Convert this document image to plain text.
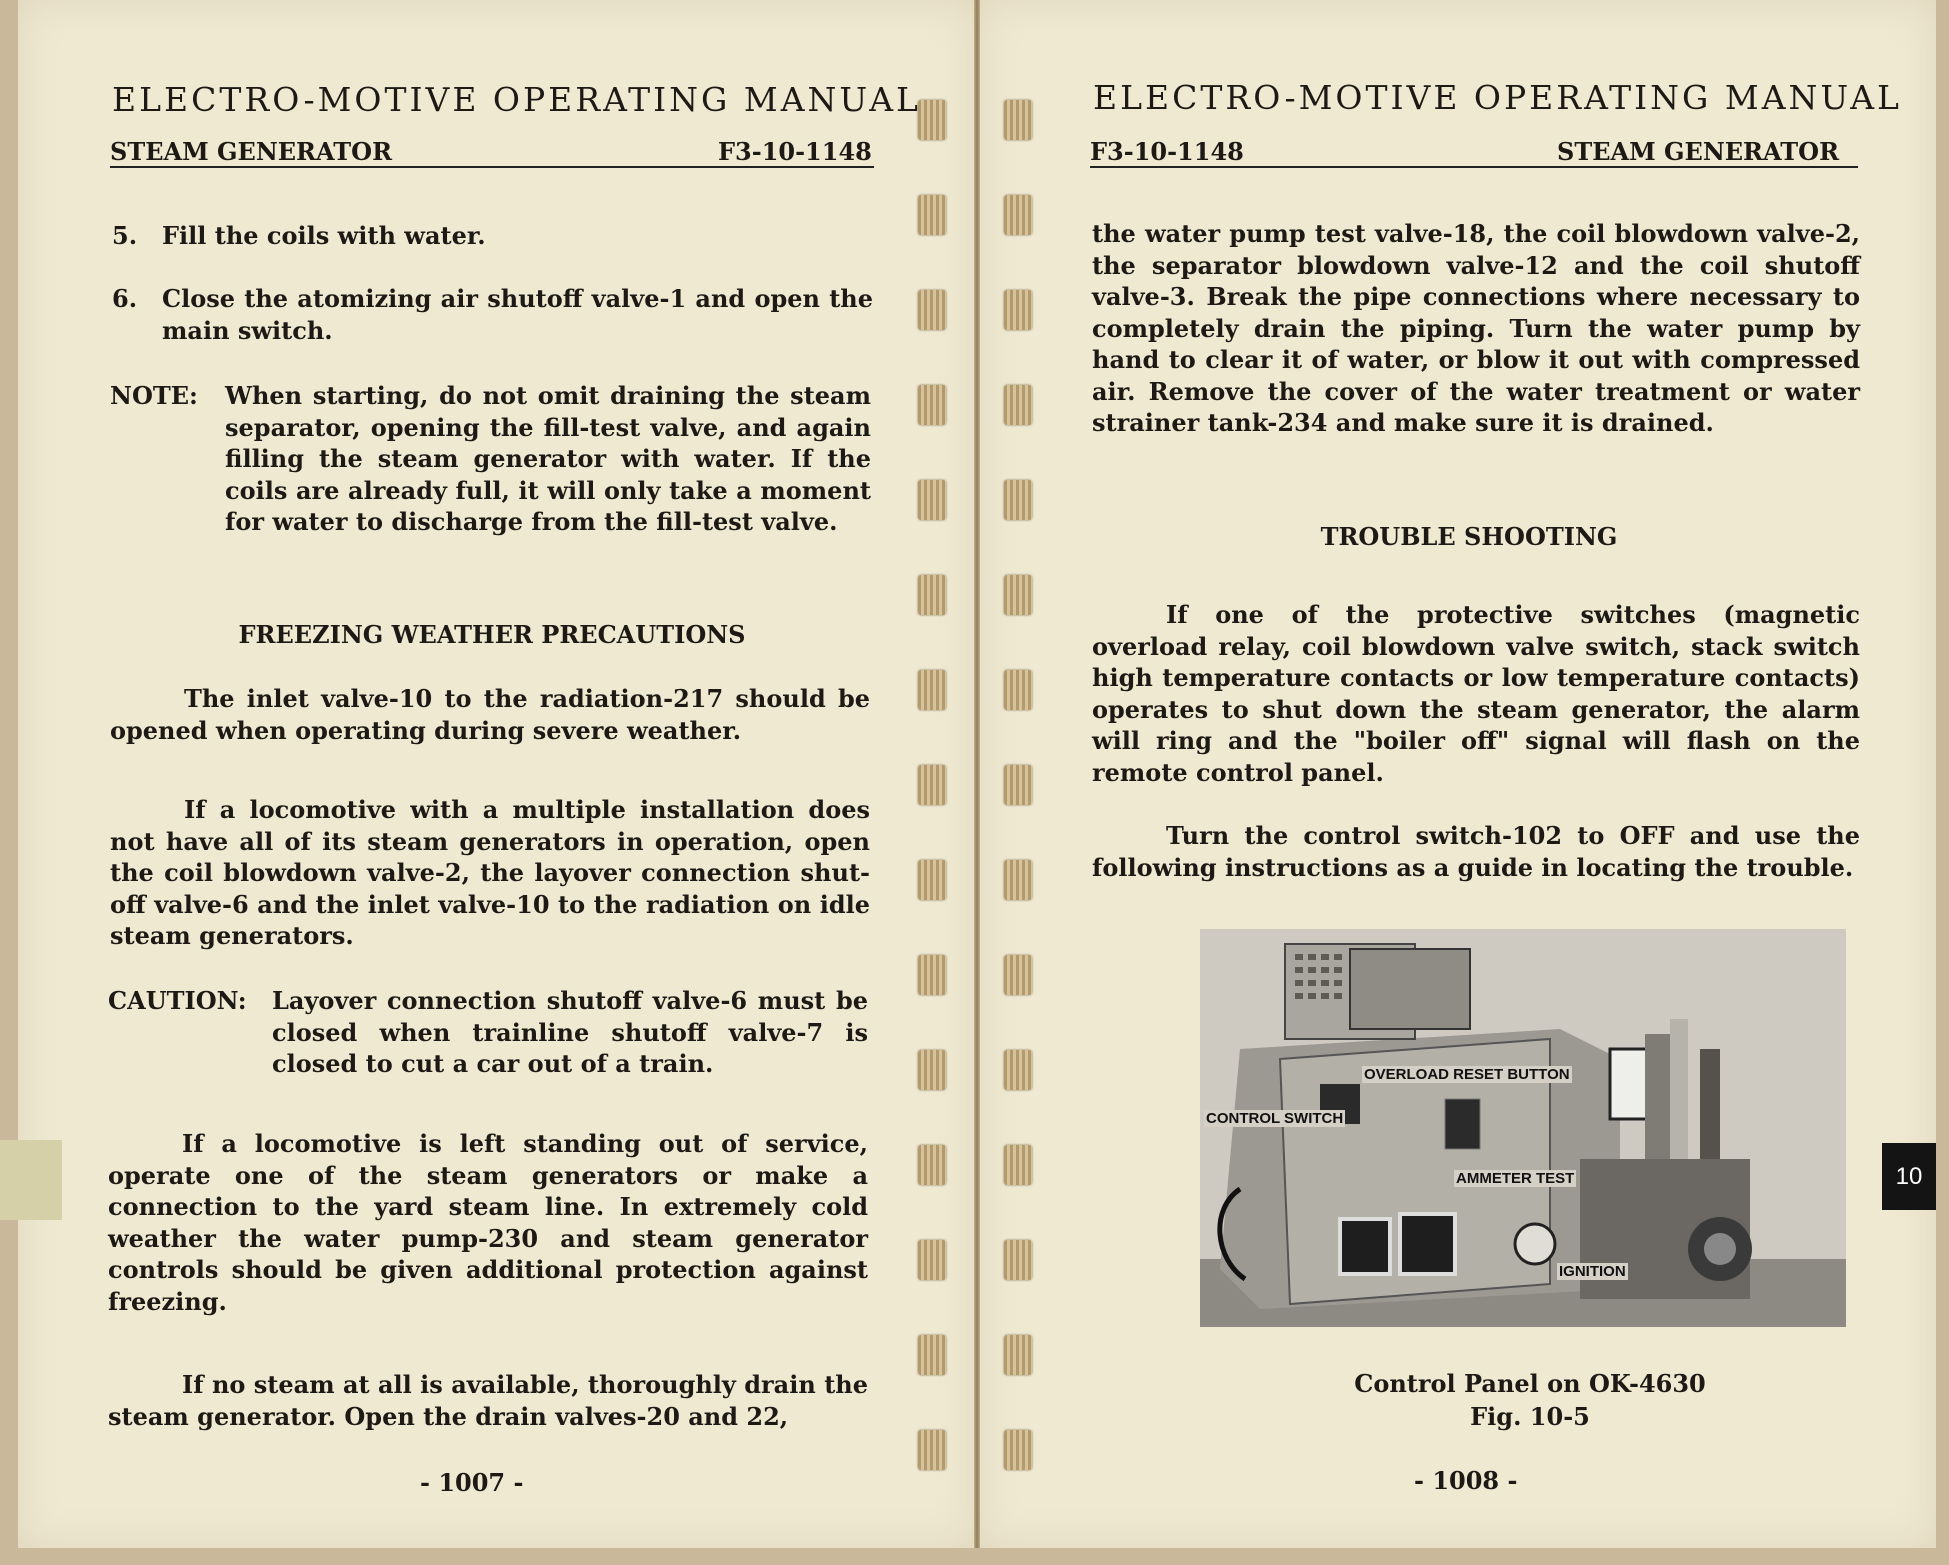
ELECTRO-MOTIVE OPERATING MANUAL
STEAM GENERATOR	F3-10-1148
5. Fill the coils with water.
6. Close the atomizing air shutoff valve-1 and open the main switch.
NOTE: When starting, do not omit draining the steam separator, opening the fill-test valve, and again filling the steam generator with water. If the coils are already full, it will only take a moment for water to discharge from the fill-test valve.
FREEZING WEATHER PRECAUTIONS
The inlet valve-10 to the radiation-217 should be opened when operating during severe weather.
If a locomotive with a multiple installation does not have all of its steam generators in operation, open the coil blowdown valve-2, the layover connection shut-off valve-6 and the inlet valve-10 to the radiation on idle steam generators.
CAUTION: Layover connection shutoff valve-6 must be closed when trainline shutoff valve-7 is closed to cut a car out of a train.
If a locomotive is left standing out of service, operate one of the steam generators or make a connection to the yard steam line. In extremely cold weather the water pump-230 and steam generator controls should be given additional protection against freezing.
If no steam at all is available, thoroughly drain the steam generator. Open the drain valves-20 and 22,
- 1007 -
ELECTRO-MOTIVE OPERATING MANUAL
F3-10-1148	STEAM GENERATOR
the water pump test valve-18, the coil blowdown valve-2, the separator blowdown valve-12 and the coil shutoff valve-3. Break the pipe connections where necessary to completely drain the piping. Turn the water pump by hand to clear it of water, or blow it out with compressed air. Remove the cover of the water treatment or water strainer tank-234 and make sure it is drained.
TROUBLE SHOOTING
If one of the protective switches (magnetic overload relay, coil blowdown valve switch, stack switch high temperature contacts or low temperature contacts) operates to shut down the steam generator, the alarm will ring and the "boiler off" signal will flash on the remote control panel.
Turn the control switch-102 to OFF and use the following instructions as a guide in locating the trouble.
OVERLOAD RESET BUTTON
CONTROL SWITCH
AMMETER TEST
IGNITION
Control Panel on OK-4630
Fig. 10-5
- 1008 -
10
